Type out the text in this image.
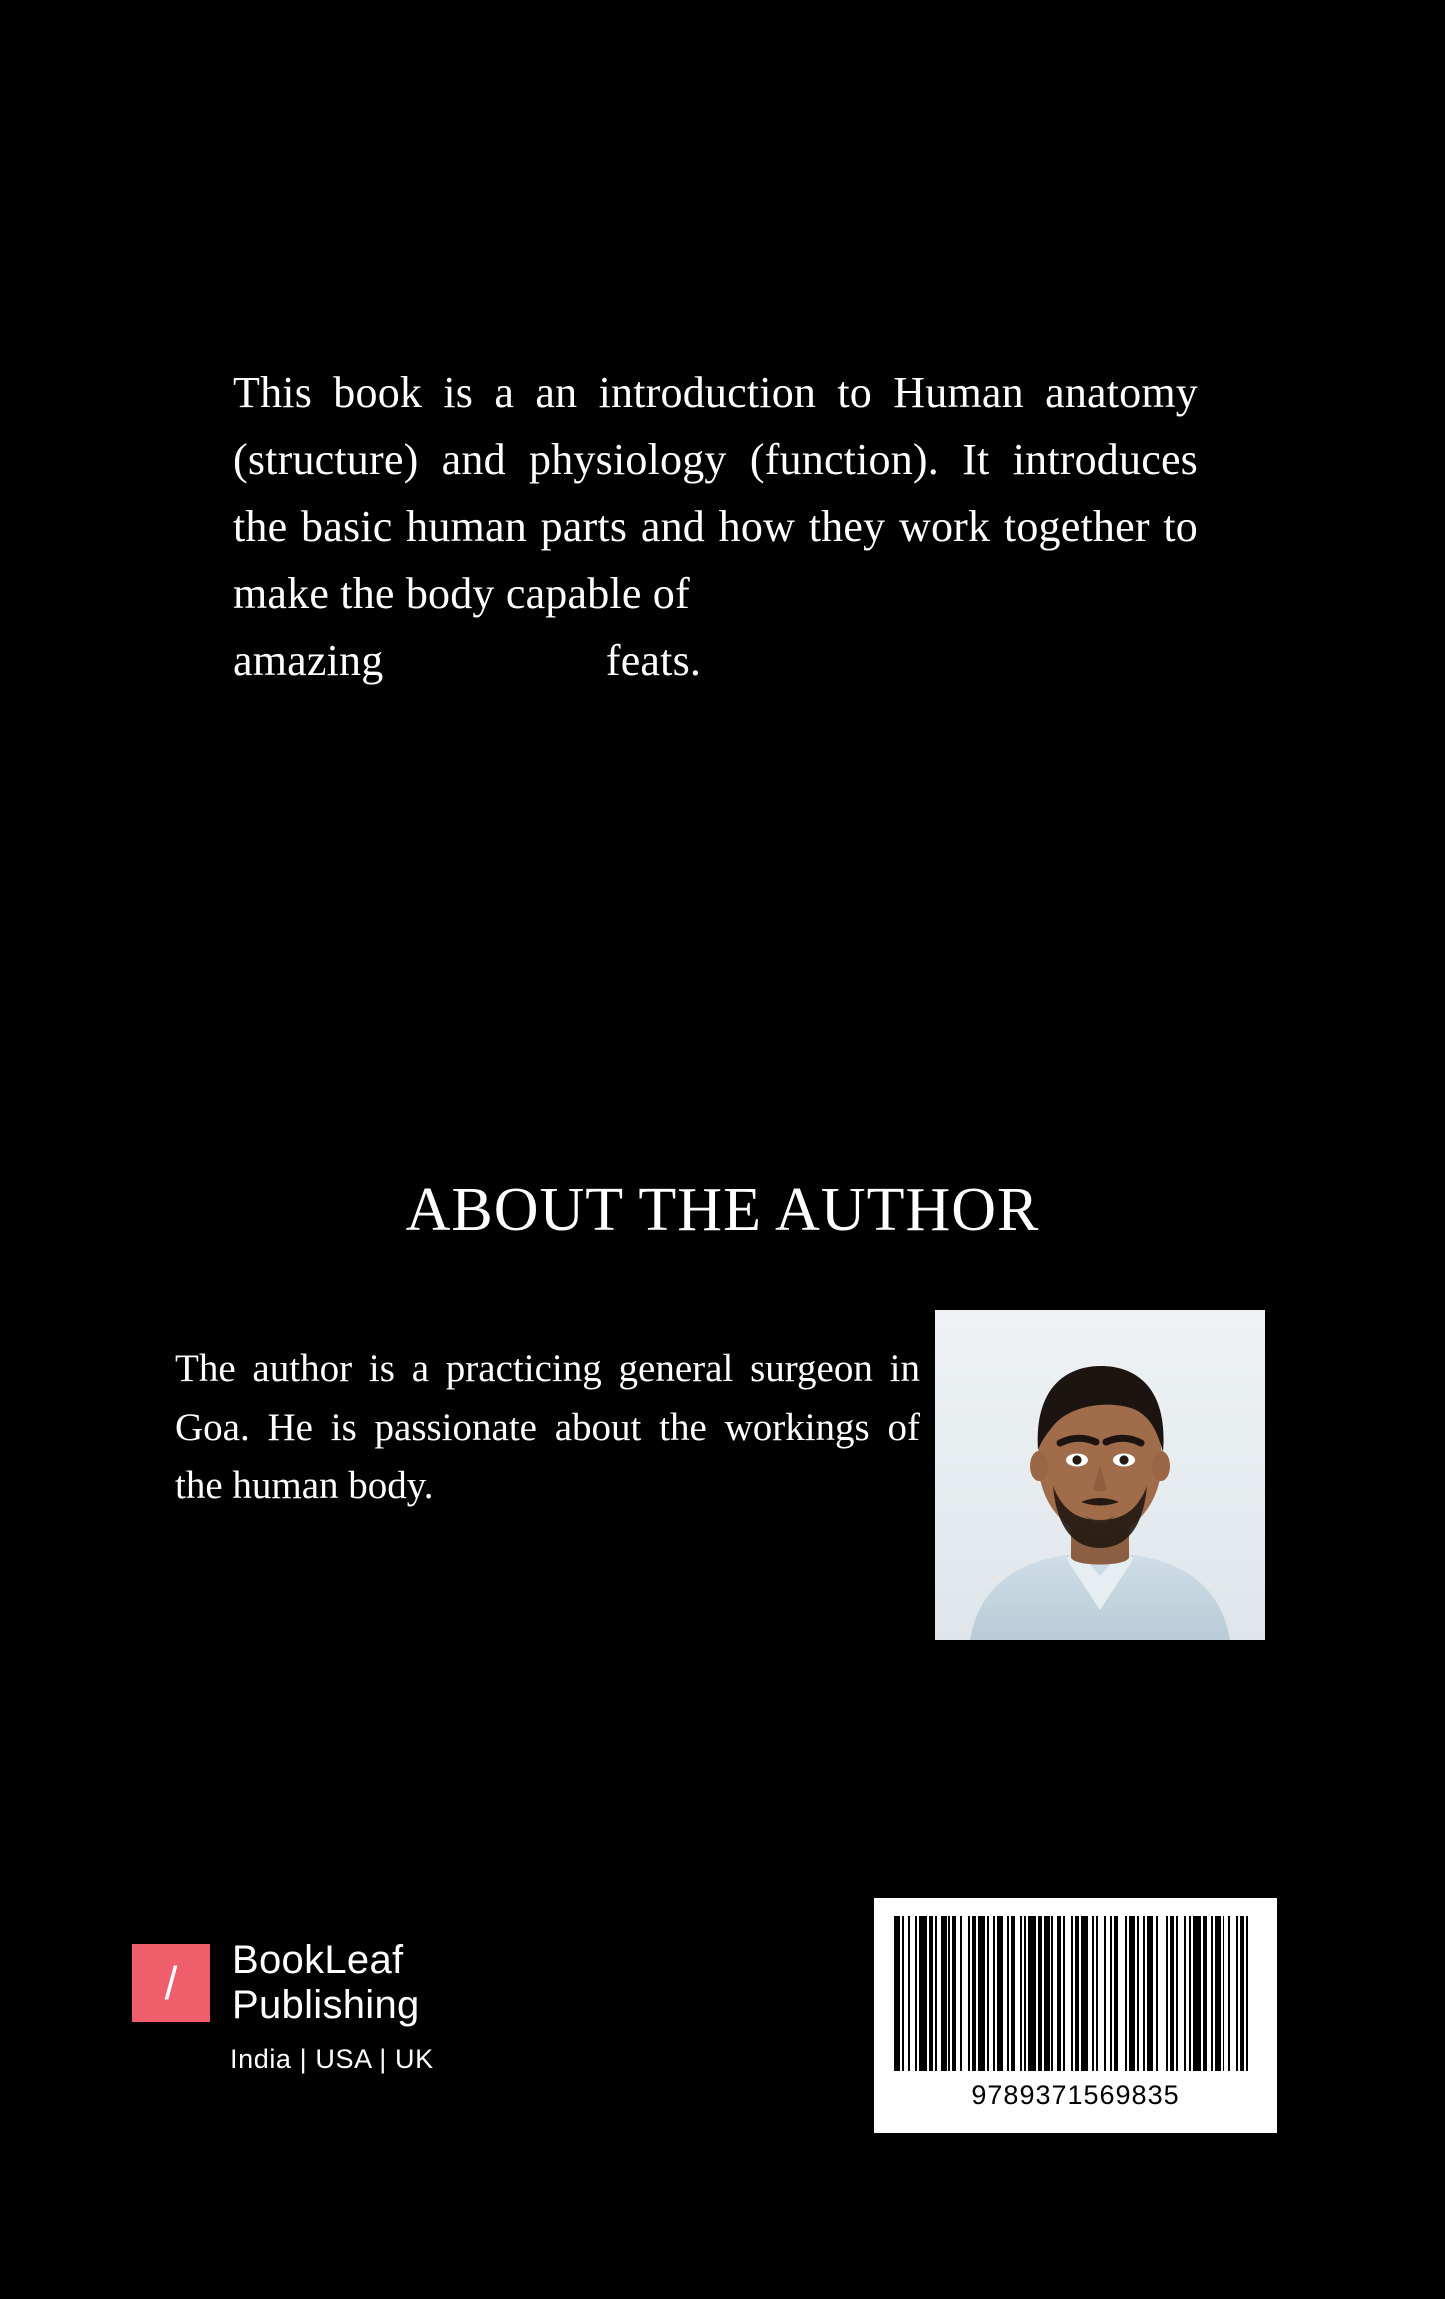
This book is a an introduction to Human anatomy (structure) and physiology (function). It introduces the basic human parts and how they work together to make the body capable of
amazing	feats.
ABOUT THE AUTHOR
The author is a practicing general surgeon in Goa. He is passionate about the workings of the human body.
/ BookLeaf
Publishing
India | USA | UK
9789371569835
